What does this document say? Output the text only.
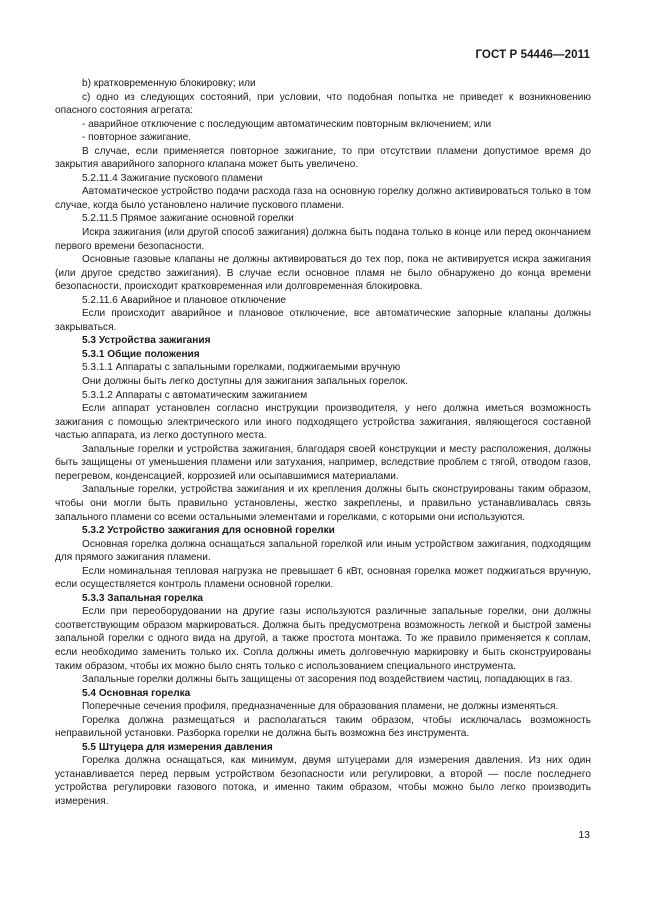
ГОСТ Р 54446—2011

b) кратковременную блокировку; или

c) одно из следующих состояний, при условии, что подобная попытка не приведет к возникновению опасного состояния агрегата:

- аварийное отключение с последующим автоматическим повторным включением; или

- повторное зажигание.

В случае, если применяется повторное зажигание, то при отсутствии пламени допустимое время до закрытия аварийного запорного клапана может быть увеличено.

5.2.11.4 Зажигание пускового пламени

Автоматическое устройство подачи расхода газа на основную горелку должно активироваться только в том случае, когда было установлено наличие пускового пламени.

5.2.11.5 Прямое зажигание основной горелки

Искра зажигания (или другой способ зажигания) должна быть подана только в конце или перед окончанием первого времени безопасности.

Основные газовые клапаны не должны активироваться до тех пор, пока не активируется искра зажигания (или другое средство зажигания). В случае если основное пламя не было обнаружено до конца времени безопасности, происходит кратковременная или долговременная блокировка.

5.2.11.6 Аварийное и плановое отключение

Если происходит аварийное и плановое отключение, все автоматические запорные клапаны должны закрываться.

5.3 Устройства зажигания

5.3.1 Общие положения

5.3.1.1 Аппараты с запальными горелками, поджигаемыми вручную

Они должны быть легко доступны для зажигания запальных горелок.

5.3.1.2 Аппараты с автоматическим зажиганием

Если аппарат установлен согласно инструкции производителя, у него должна иметься возможность зажигания с помощью электрического или иного подходящего устройства зажигания, являющегося составной частью аппарата, из легко доступного места.

Запальные горелки и устройства зажигания, благодаря своей конструкции и месту расположения, должны быть защищены от уменьшения пламени или затухания, например, вследствие проблем с тягой, отводом газов, перегревом, конденсацией, коррозией или осыпавшимися материалами.

Запальные горелки, устройства зажигания и их крепления должны быть сконструированы таким образом, чтобы они могли быть правильно установлены, жестко закреплены, и правильно устанавливалась связь запального пламени со всеми остальными элементами и горелками, с которыми они используются.

5.3.2 Устройство зажигания для основной горелки

Основная горелка должна оснащаться запальной горелкой или иным устройством зажигания, подходящим для прямого зажигания пламени.

Если номинальная тепловая нагрузка не превышает 6 кВт, основная горелка может поджигаться вручную, если осуществляется контроль пламени основной горелки.

5.3.3 Запальная горелка

Если при переоборудовании на другие газы используются различные запальные горелки, они должны соответствующим образом маркироваться. Должна быть предусмотрена возможность легкой и быстрой замены запальной горелки с одного вида на другой, а также простота монтажа. То же правило применяется к соплам, если необходимо заменить только их. Сопла должны иметь долговечную маркировку и быть сконструированы таким образом, чтобы их можно было снять только с использованием специального инструмента.

Запальные горелки должны быть защищены от засорения под воздействием частиц, попадающих в газ.

5.4 Основная горелка

Поперечные сечения профиля, предназначенные для образования пламени, не должны изменяться.

Горелка должна размещаться и располагаться таким образом, чтобы исключалась возможность неправильной установки. Разборка горелки не должна быть возможна без инструмента.

5.5 Штуцера для измерения давления

Горелка должна оснащаться, как минимум, двумя штуцерами для измерения давления. Из них один устанавливается перед первым устройством безопасности или регулировки, а второй — после последнего устройства регулировки газового потока, и именно таким образом, чтобы можно было легко производить измерения.

13
